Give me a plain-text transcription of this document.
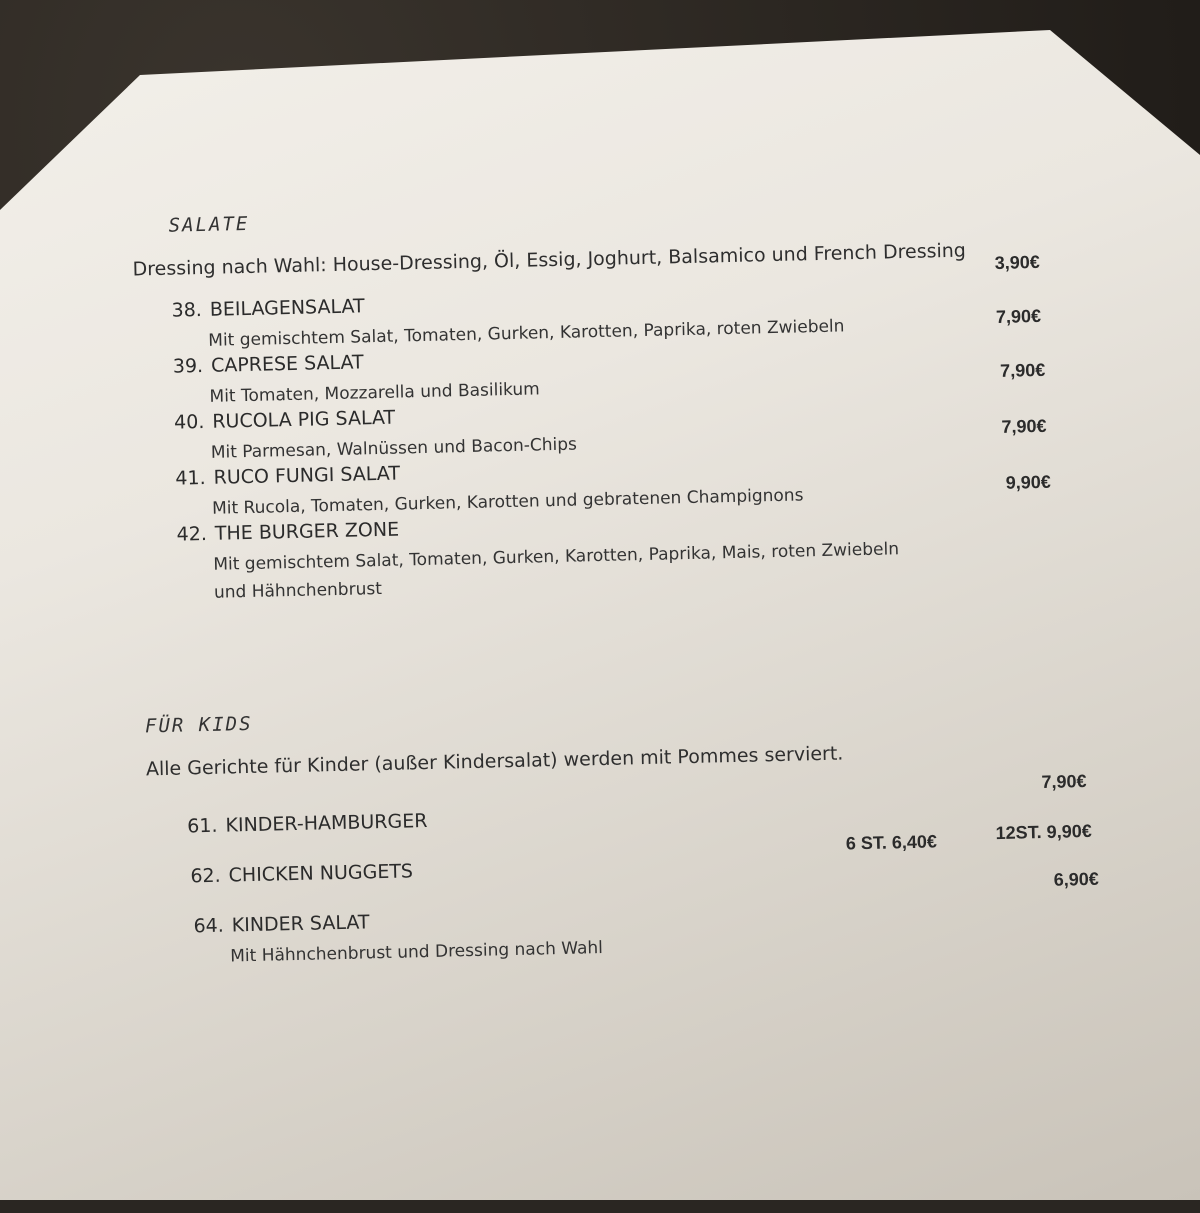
SALATE
Dressing nach Wahl: House-Dressing, Öl, Essig, Joghurt, Balsamico und French Dressing
38. BEILAGENSALAT
Mit gemischtem Salat, Tomaten, Gurken, Karotten, Paprika, roten Zwiebeln
3,90€
39. CAPRESE SALAT
Mit Tomaten, Mozzarella und Basilikum
7,90€
40. RUCOLA PIG SALAT
Mit Parmesan, Walnüssen und Bacon-Chips
7,90€
41. RUCO FUNGI SALAT
Mit Rucola, Tomaten, Gurken, Karotten und gebratenen Champignons
7,90€
42. THE BURGER ZONE
Mit gemischtem Salat, Tomaten, Gurken, Karotten, Paprika, Mais, roten Zwiebeln
und Hähnchenbrust
9,90€
FÜR KIDS
Alle Gerichte für Kinder (außer Kindersalat) werden mit Pommes serviert.
61. KINDER-HAMBURGER
7,90€
62. CHICKEN NUGGETS
6 ST. 6,40€	12ST. 9,90€
64. KINDER SALAT
Mit Hähnchenbrust und Dressing nach Wahl
6,90€
